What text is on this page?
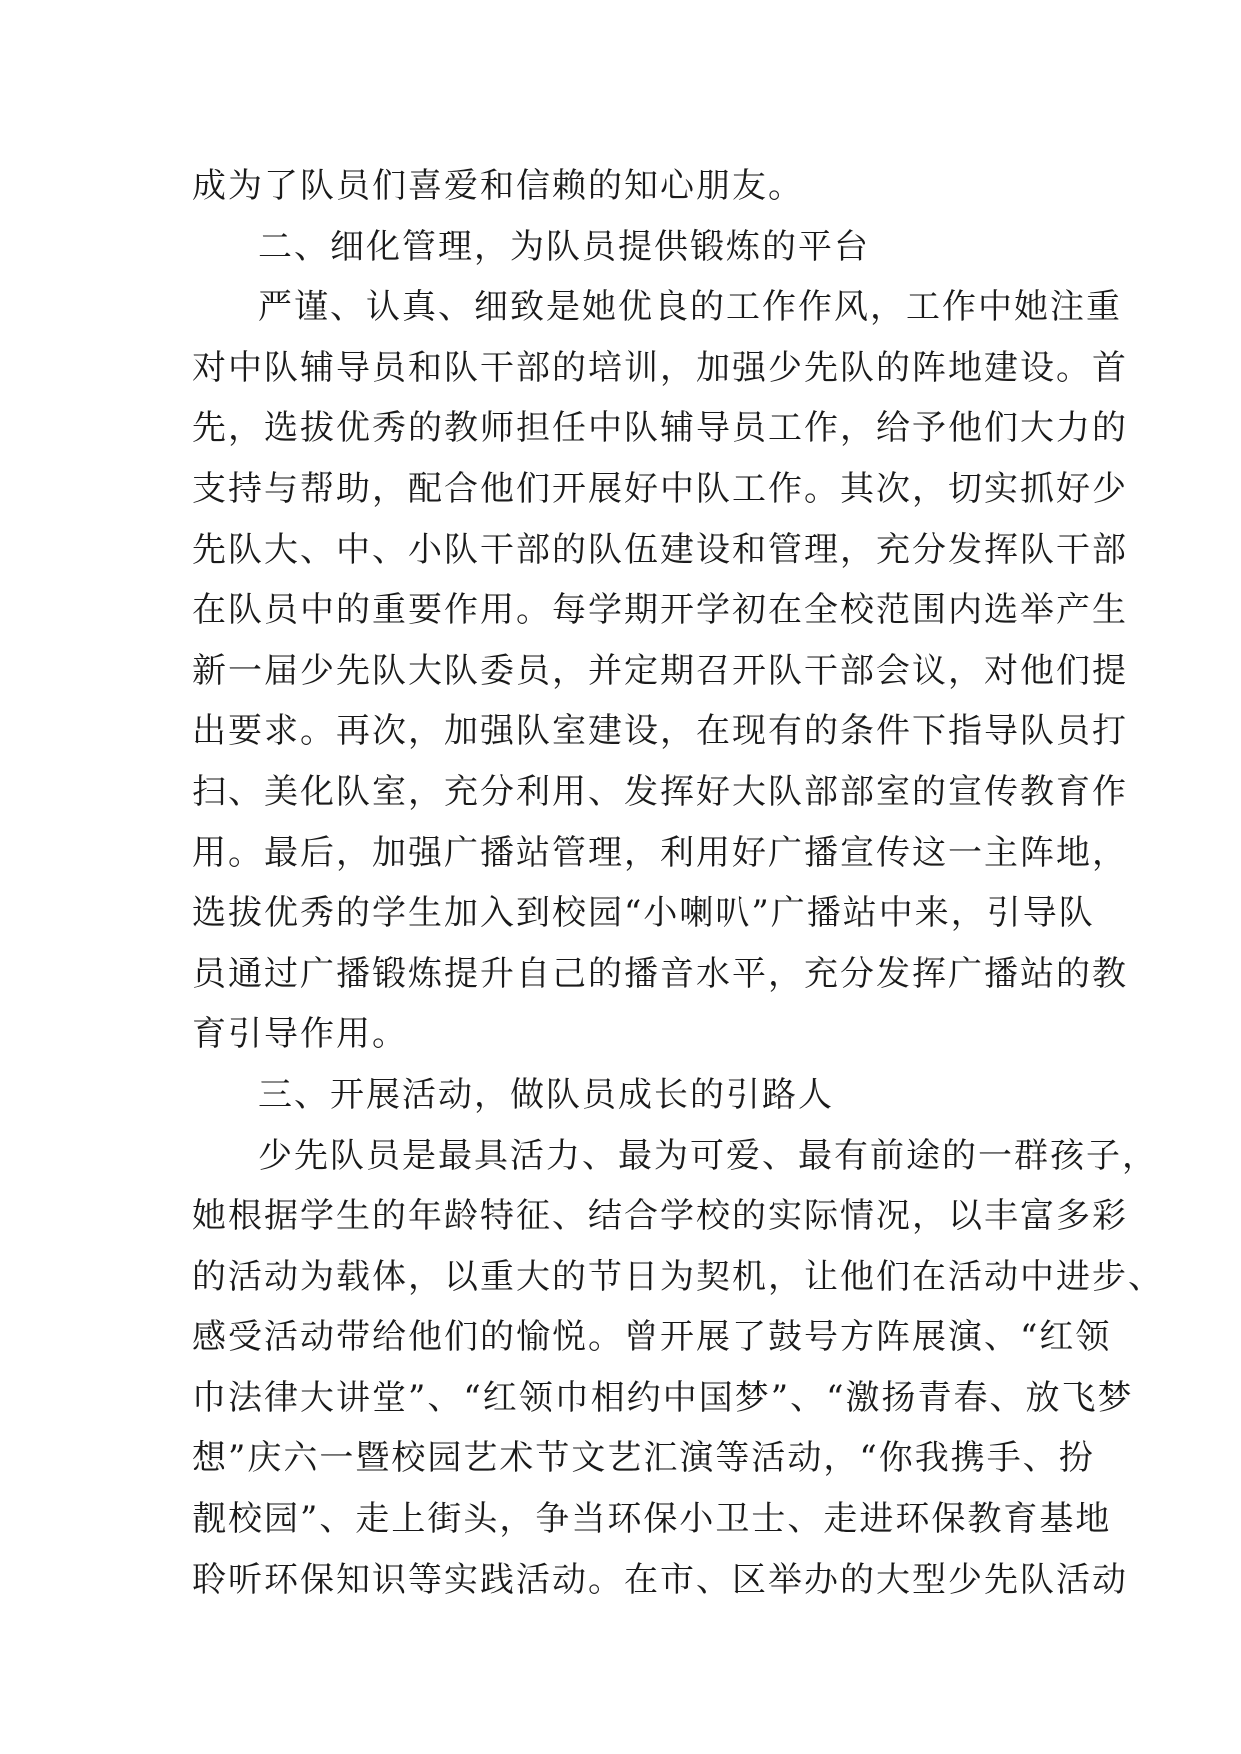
成为了队员们喜爱和信赖的知心朋友。
二、细化管理，为队员提供锻炼的平台
严谨、认真、细致是她优良的工作作风，工作中她注重
对中队辅导员和队干部的培训，加强少先队的阵地建设。首
先，选拔优秀的教师担任中队辅导员工作，给予他们大力的
支持与帮助，配合他们开展好中队工作。其次，切实抓好少
先队大、中、小队干部的队伍建设和管理，充分发挥队干部
在队员中的重要作用。每学期开学初在全校范围内选举产生
新一届少先队大队委员，并定期召开队干部会议，对他们提
出要求。再次，加强队室建设，在现有的条件下指导队员打
扫、美化队室，充分利用、发挥好大队部部室的宣传教育作
用。最后，加强广播站管理，利用好广播宣传这一主阵地，
选拔优秀的学生加入到校园“小喇叭”广播站中来，引导队
员通过广播锻炼提升自己的播音水平，充分发挥广播站的教
育引导作用。
三、开展活动，做队员成长的引路人
少先队员是最具活力、最为可爱、最有前途的一群孩子，
她根据学生的年龄特征、结合学校的实际情况，以丰富多彩
的活动为载体，以重大的节日为契机，让他们在活动中进步、
感受活动带给他们的愉悦。曾开展了鼓号方阵展演、“红领
巾法律大讲堂”、“红领巾相约中国梦”、“激扬青春、放飞梦
想”庆六一暨校园艺术节文艺汇演等活动，“你我携手、扮
靓校园”、走上街头，争当环保小卫士、走进环保教育基地
聆听环保知识等实践活动。在市、区举办的大型少先队活动
